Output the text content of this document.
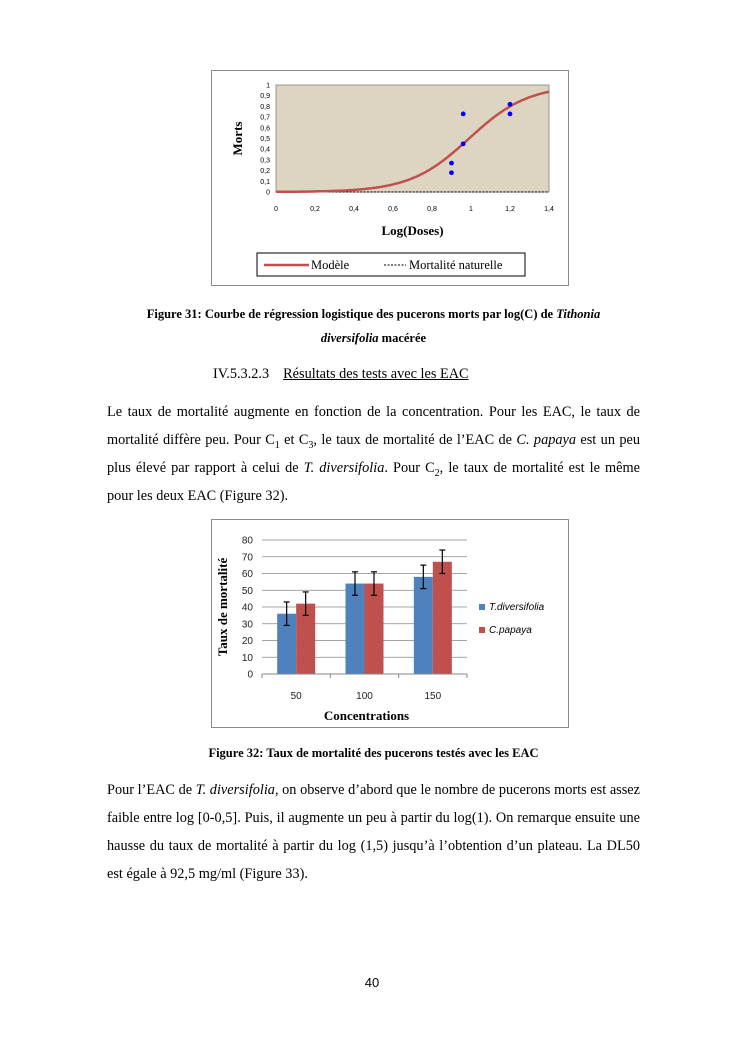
0
0,1
0,2
0,3
0,4
0,5
0,6
0,7
0,8
0,9
1
0	0,2	0,4	0,6	0,8	1	1,2	1,4
Morts
Log(Doses)
Modèle	Mortalité naturelle
Figure 31: Courbe de régression logistique des pucerons morts par log(C) de Tithonia
diversifolia macérée
IV.5.3.2.3 Résultats des tests avec les EAC
Le taux de mortalité augmente en fonction de la concentration. Pour les EAC, le taux de mortalité diffère peu. Pour $C_1$ et $C_3$, le taux de mortalité de l’EAC de C. papaya est un peu plus élevé par rapport à celui de T. diversifolia. Pour $C_2$, le taux de mortalité est le même pour les deux EAC (Figure 32).
0
10
20
30
40
50
60
70
80
50	100	150
Taux de mortalité
Concentrations
T.diversifolia
C.papaya
Figure 32: Taux de mortalité des pucerons testés avec les EAC
Pour l’EAC de T. diversifolia, on observe d’abord que le nombre de pucerons morts est assez faible entre log [0-0,5]. Puis, il augmente un peu à partir du log(1). On remarque ensuite une hausse du taux de mortalité à partir du log (1,5) jusqu’à l’obtention d’un plateau. La DL50 est égale à 92,5 mg/ml (Figure 33).
40
